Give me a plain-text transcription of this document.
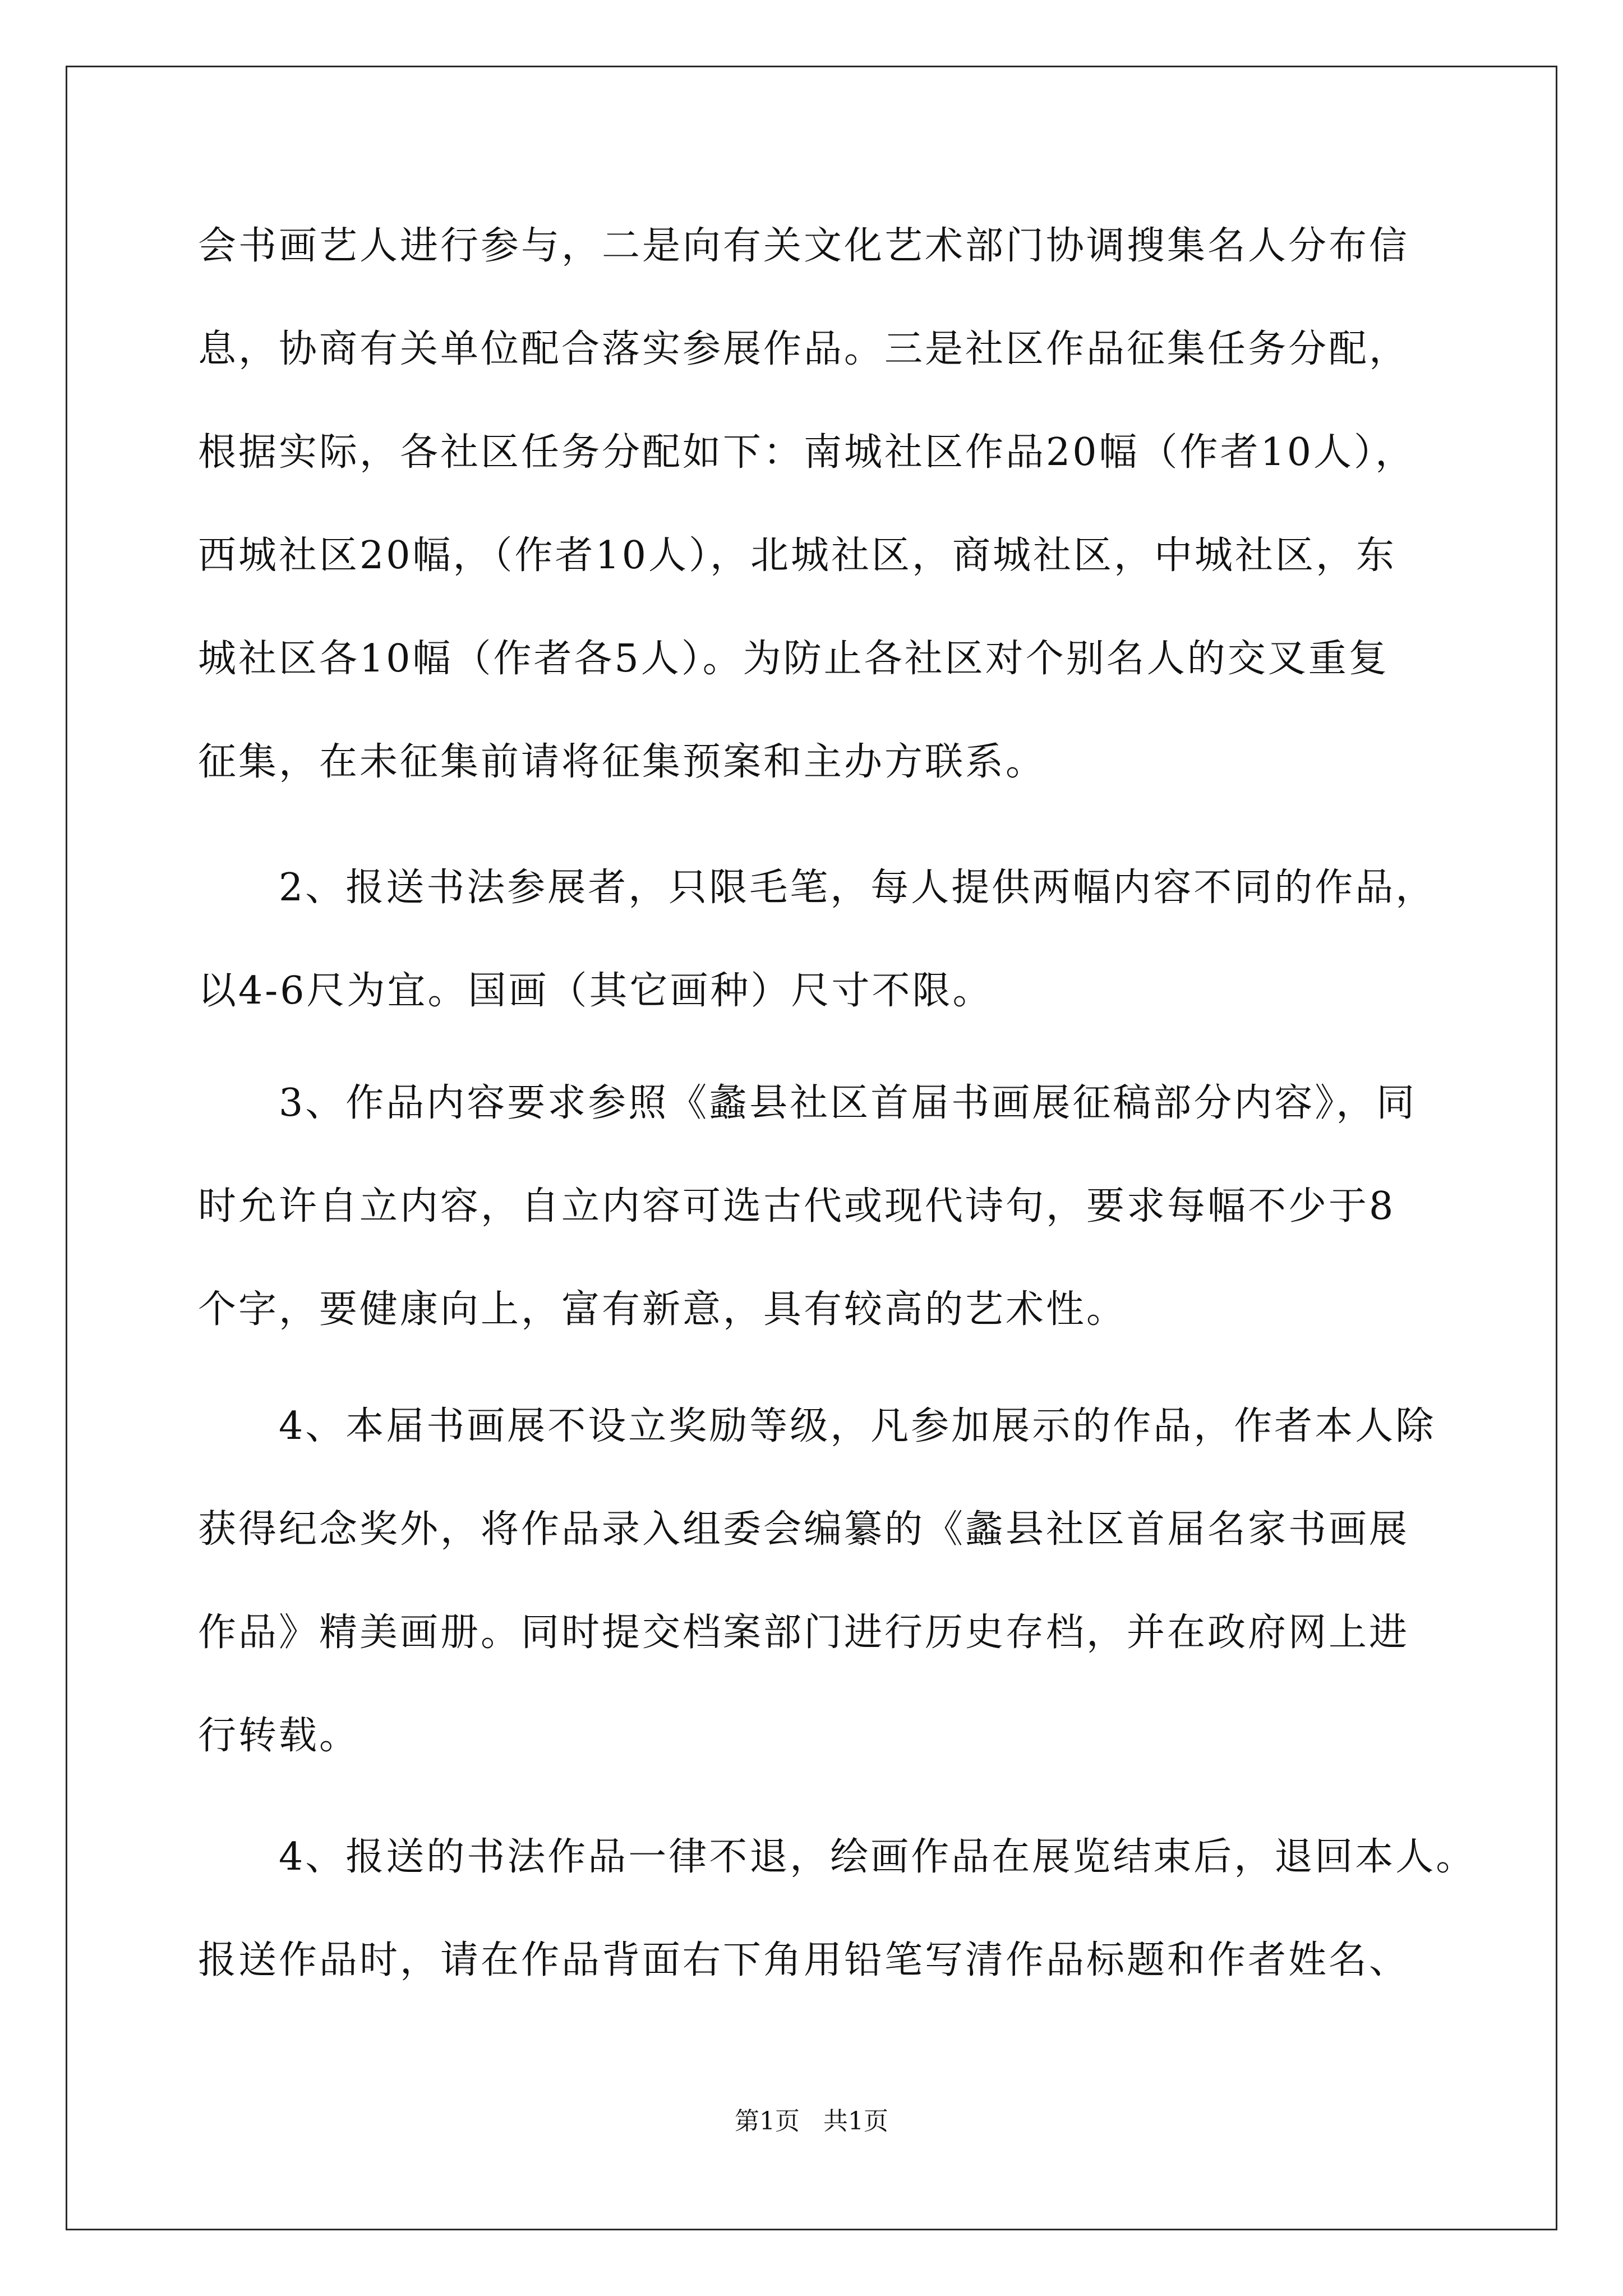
会书画艺人进行参与，二是向有关文化艺术部门协调搜集名人分布信
息，协商有关单位配合落实参展作品。三是社区作品征集任务分配，
根据实际，各社区任务分配如下：南城社区作品20幅（作者10人），
西城社区20幅，（作者10人），北城社区，商城社区，中城社区，东
城社区各10幅（作者各5人）。为防止各社区对个别名人的交叉重复
征集，在未征集前请将征集预案和主办方联系。
　　2、报送书法参展者，只限毛笔，每人提供两幅内容不同的作品，
以4-6尺为宜。国画（其它画种）尺寸不限。
　　3、作品内容要求参照《蠡县社区首届书画展征稿部分内容》，同
时允许自立内容，自立内容可选古代或现代诗句，要求每幅不少于8
个字，要健康向上，富有新意，具有较高的艺术性。
　　4、本届书画展不设立奖励等级，凡参加展示的作品，作者本人除
获得纪念奖外，将作品录入组委会编纂的《蠡县社区首届名家书画展
作品》精美画册。同时提交档案部门进行历史存档，并在政府网上进
行转载。
　　4、报送的书法作品一律不退，绘画作品在展览结束后，退回本人。
报送作品时，请在作品背面右下角用铅笔写清作品标题和作者姓名、
第1页 共1页
